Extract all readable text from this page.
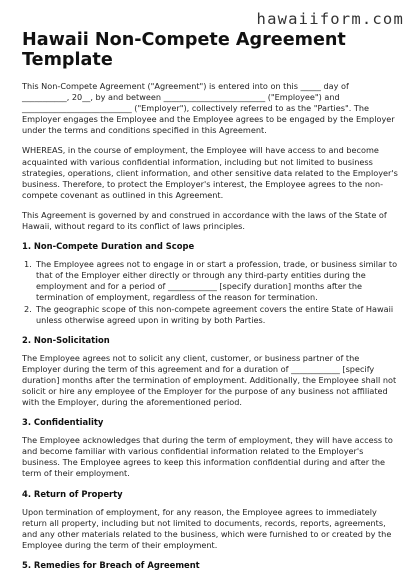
hawaiiform.com
Hawaii Non-Compete Agreement Template

This Non-Compete Agreement ("Agreement") is entered into on this _____ day of ___________, 20__, by and between _________________________ ("Employee") and ___________________________ ("Employer"), collectively referred to as the "Parties". The Employer engages the Employee and the Employee agrees to be engaged by the Employer under the terms and conditions specified in this Agreement.

WHEREAS, in the course of employment, the Employee will have access to and become acquainted with various confidential information, including but not limited to business strategies, operations, client information, and other sensitive data related to the Employer's business. Therefore, to protect the Employer's interest, the Employee agrees to the non-compete covenant as outlined in this Agreement.

This Agreement is governed by and construed in accordance with the laws of the State of Hawaii, without regard to its conflict of laws principles.

1. Non-Compete Duration and Scope
1. The Employee agrees not to engage in or start a profession, trade, or business similar to that of the Employer either directly or through any third-party entities during the employment and for a period of ____________ [specify duration] months after the termination of employment, regardless of the reason for termination.
2. The geographic scope of this non-compete agreement covers the entire State of Hawaii unless otherwise agreed upon in writing by both Parties.
2. Non-Solicitation

The Employee agrees not to solicit any client, customer, or business partner of the Employer during the term of this agreement and for a duration of ____________ [specify duration] months after the termination of employment. Additionally, the Employee shall not solicit or hire any employee of the Employer for the purpose of any business not affiliated with the Employer, during the aforementioned period.

3. Confidentiality

The Employee acknowledges that during the term of employment, they will have access to and become familiar with various confidential information related to the Employer's business. The Employee agrees to keep this information confidential during and after the term of their employment.

4. Return of Property

Upon termination of employment, for any reason, the Employee agrees to immediately return all property, including but not limited to documents, records, reports, agreements, and any other materials related to the business, which were furnished to or created by the Employee during the term of their employment.

5. Remedies for Breach of Agreement
